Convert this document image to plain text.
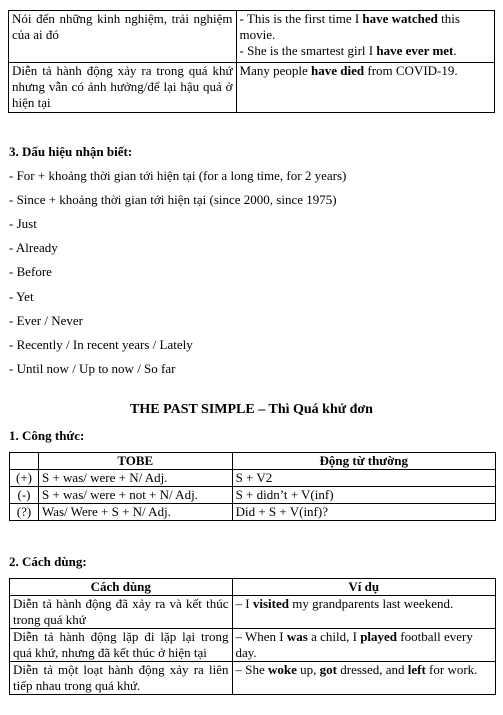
Nói đến những kinh nghiệm, trải nghiệm của ai đó	- This is the first time I have watched this movie.
- She is the smartest girl I have ever met.

Diễn tả hành động xảy ra trong quá khứ nhưng vẫn có ảnh hưởng/để lại hậu quả ở hiện tại	Many people have died from COVID-19.
3. Dấu hiệu nhận biết:
- For + khoảng thời gian tới hiện tại (for a long time, for 2 years)
- Since + khoảng thời gian tới hiện tại (since 2000, since 1975)
- Just
- Already
- Before
- Yet
- Ever / Never
- Recently / In recent years / Lately
- Until now / Up to now / So far
THE PAST SIMPLE – Thì Quá khứ đơn
1. Công thức:
	TOBE	Động từ thường
(+)	S + was/ were + N/ Adj.	S + V2
(-)	S + was/ were + not + N/ Adj.	S + didn’t + V(inf)
(?)	Was/ Were + S + N/ Adj.	Did + S + V(inf)?
2. Cách dùng:
Cách dùng	Ví dụ
Diễn tả hành động đã xảy ra và kết thúc trong quá khứ	– I visited my grandparents last weekend.
Diễn tả hành động lặp đi lặp lại trong quá khứ, nhưng đã kết thúc ở hiện tại	– When I was a child, I played football every day.
Diễn tả một loạt hành động xảy ra liên tiếp nhau trong quá khứ.	– She woke up, got dressed, and left for work.
